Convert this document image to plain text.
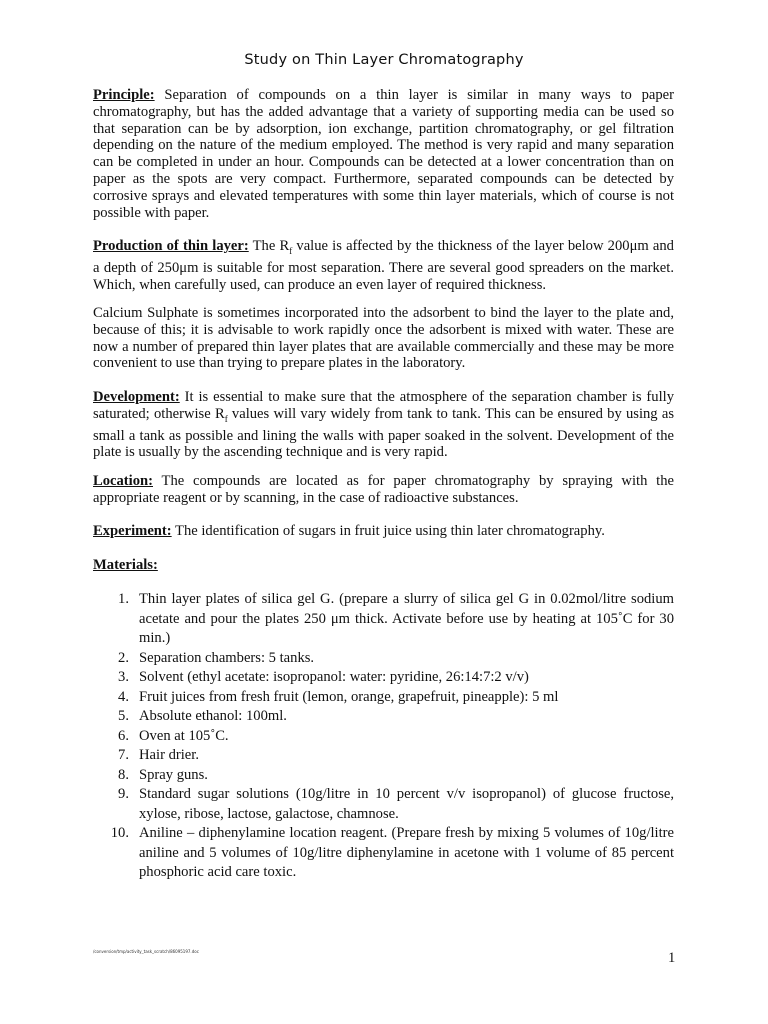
Study on Thin Layer Chromatography

Principle: Separation of compounds on a thin layer is similar in many ways to paper chromatography, but has the added advantage that a variety of supporting media can be used so that separation can be by adsorption, ion exchange, partition chromatography, or gel filtration depending on the nature of the medium employed. The method is very rapid and many separation can be completed in under an hour. Compounds can be detected at a lower concentration than on paper as the spots are very compact. Furthermore, separated compounds can be detected by corrosive sprays and elevated temperatures with some thin layer materials, which of course is not possible with paper.

Production of thin layer: The $R_f$ value is affected by the thickness of the layer below 200μm and a depth of 250μm is suitable for most separation. There are several good spreaders on the market. Which, when carefully used, can produce an even layer of required thickness.

Calcium Sulphate is sometimes incorporated into the adsorbent to bind the layer to the plate and, because of this; it is advisable to work rapidly once the adsorbent is mixed with water. These are now a number of prepared thin layer plates that are available commercially and these may be more convenient to use than trying to prepare plates in the laboratory.

Development: It is essential to make sure that the atmosphere of the separation chamber is fully saturated; otherwise $R_f$ values will vary widely from tank to tank. This can be ensured by using as small a tank as possible and lining the walls with paper soaked in the solvent. Development of the plate is usually by the ascending technique and is very rapid.

Location: The compounds are located as for paper chromatography by spraying with the appropriate reagent or by scanning, in the case of radioactive substances.

Experiment: The identification of sugars in fruit juice using thin later chromatography.

Materials:

1. Thin layer plates of silica gel G. (prepare a slurry of silica gel G in 0.02mol/litre sodium acetate and pour the plates 250 μm thick. Activate before use by heating at 105˚C for 30 min.)
2. Separation chambers: 5 tanks.
3. Solvent (ethyl acetate: isopropanol: water: pyridine, 26:14:7:2 v/v)
4. Fruit juices from fresh fruit (lemon, orange, grapefruit, pineapple): 5 ml
5. Absolute ethanol: 100ml.
6. Oven at 105˚C.
7. Hair drier.
8. Spray guns.
9. Standard sugar solutions (10g/litre in 10 percent v/v isopropanol) of glucose fructose, xylose, ribose, lactose, galactose, chamnose.
10. Aniline – diphenylamine location reagent. (Prepare fresh by mixing 5 volumes of 10g/litre aniline and 5 volumes of 10g/litre diphenylamine in acetone with 1 volume of 85 percent phosphoric acid care toxic.
/conversion/tmp/activity_task_scratch/86095197.doc	1
